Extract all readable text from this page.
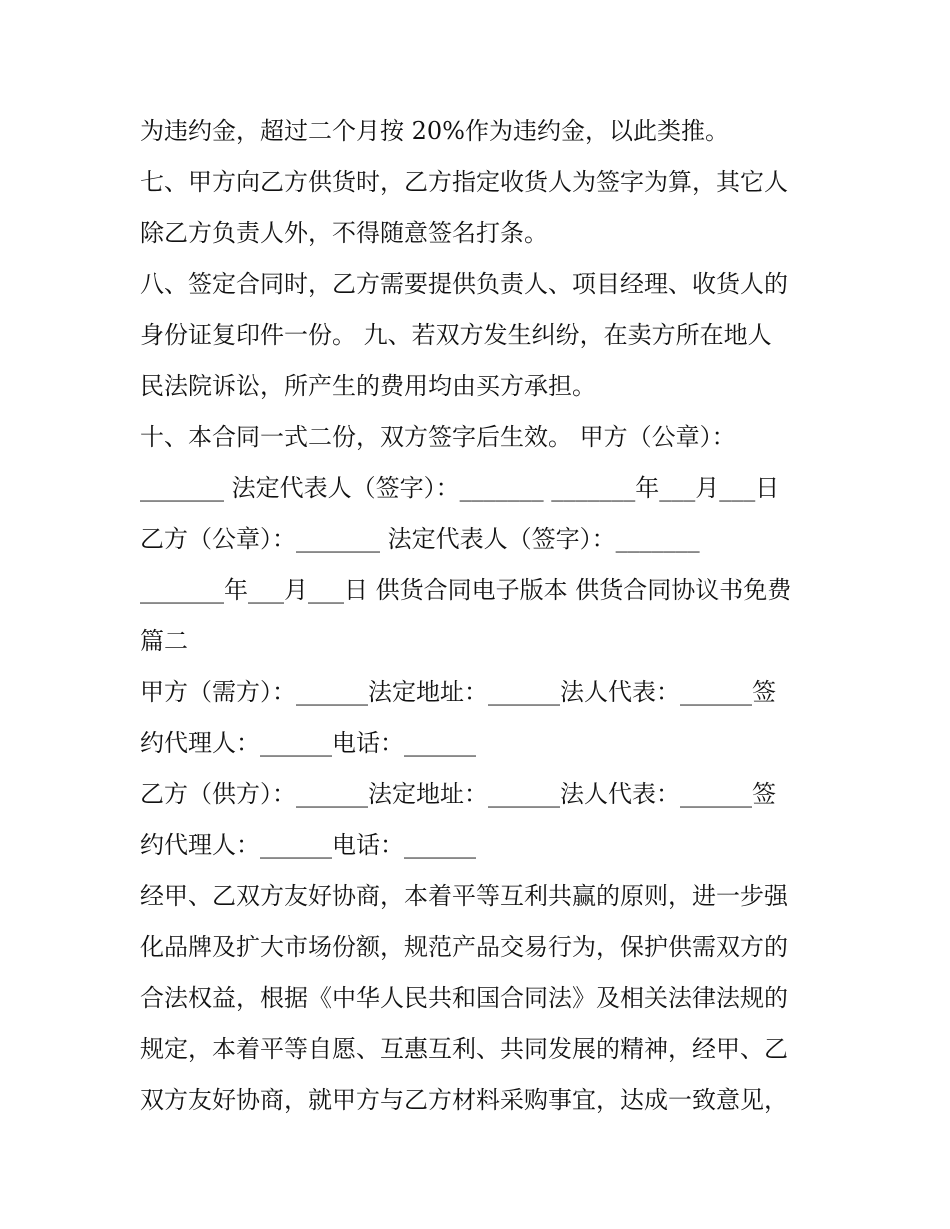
为违约金，超过二个月按 20%作为违约金，以此类推。
七、甲方向乙方供货时，乙方指定收货人为签字为算，其它人
除乙方负责人外，不得随意签名打条。
八、签定合同时，乙方需要提供负责人、项目经理、收货人的
身份证复印件一份。 九、若双方发生纠纷，在卖方所在地人
民法院诉讼，所产生的费用均由买方承担。
十、本合同一式二份，双方签字后生效。 甲方（公章）：
_______ 法定代表人（签字）：_______ _______年___月___日
乙方（公章）：_______ 法定代表人（签字）：_______
_______年___月___日 供货合同电子版本 供货合同协议书免费
篇二
甲方（需方）：______法定地址：______法人代表：______签
约代理人：______电话：______
乙方（供方）：______法定地址：______法人代表：______签
约代理人：______电话：______
经甲、乙双方友好协商，本着平等互利共赢的原则，进一步强
化品牌及扩大市场份额，规范产品交易行为，保护供需双方的
合法权益，根据《中华人民共和国合同法》及相关法律法规的
规定，本着平等自愿、互惠互利、共同发展的精神，经甲、乙
双方友好协商，就甲方与乙方材料采购事宜，达成一致意见，
